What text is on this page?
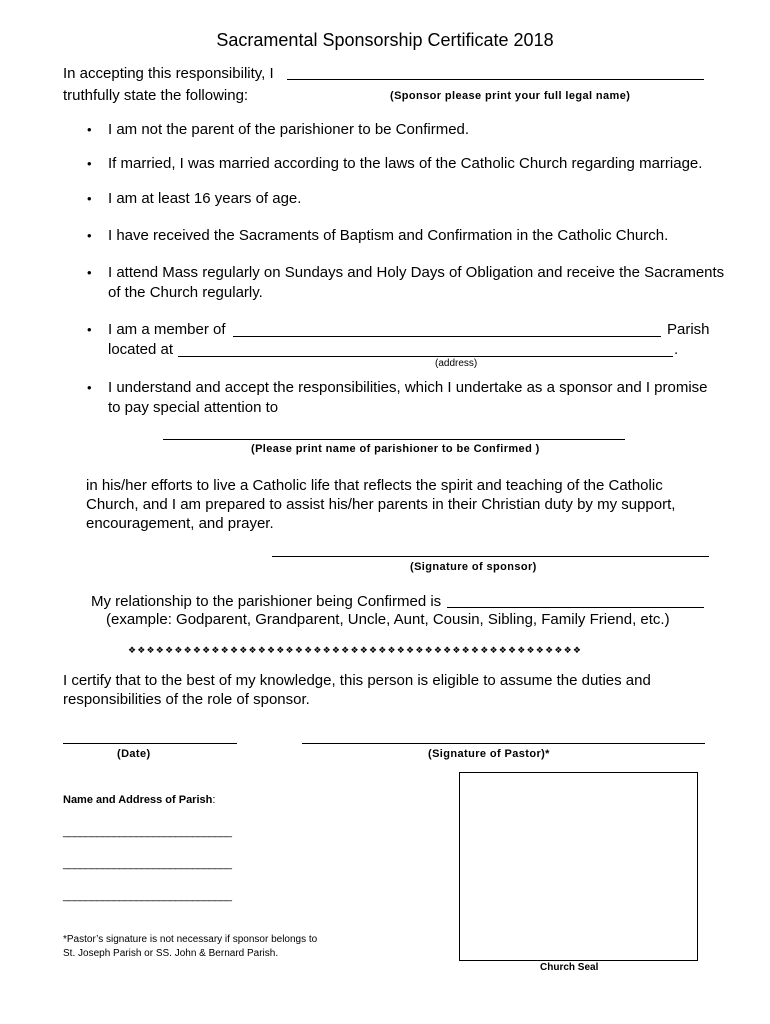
Sacramental Sponsorship Certificate 2018
In accepting this responsibility, I
truthfully state the following:	(Sponsor please print your full legal name)
• I am not the parent of the parishioner to be Confirmed.
• If married, I was married according to the laws of the Catholic Church regarding marriage.
• I am at least 16 years of age.
• I have received the Sacraments of Baptism and Confirmation in the Catholic Church.
• I attend Mass regularly on Sundays and Holy Days of Obligation and receive the Sacraments
of the Church regularly.
• I am a member of	Parish
located at	.
(address)
• I understand and accept the responsibilities, which I undertake as a sponsor and I promise
to pay special attention to
(Please print name of parishioner to be Confirmed )
in his/her efforts to live a Catholic life that reflects the spirit and teaching of the Catholic
Church, and I am prepared to assist his/her parents in their Christian duty by my support,
encouragement, and prayer.
(Signature of sponsor)
My relationship to the parishioner being Confirmed is
(example: Godparent, Grandparent, Uncle, Aunt, Cousin, Sibling, Family Friend, etc.)
❖❖❖❖❖❖❖❖❖❖❖❖❖❖❖❖❖❖❖❖❖❖❖❖❖❖❖❖❖❖❖❖❖❖❖❖❖❖❖❖❖❖❖❖❖❖❖❖❖
I certify that to the best of my knowledge, this person is eligible to assume the duties and
responsibilities of the role of sponsor.
(Date)	(Signature of Pastor)*
Name and Address of Parish:
______________________________
______________________________
______________________________
Church Seal
*Pastor’s signature is not necessary if sponsor belongs to
St. Joseph Parish or SS. John & Bernard Parish.
